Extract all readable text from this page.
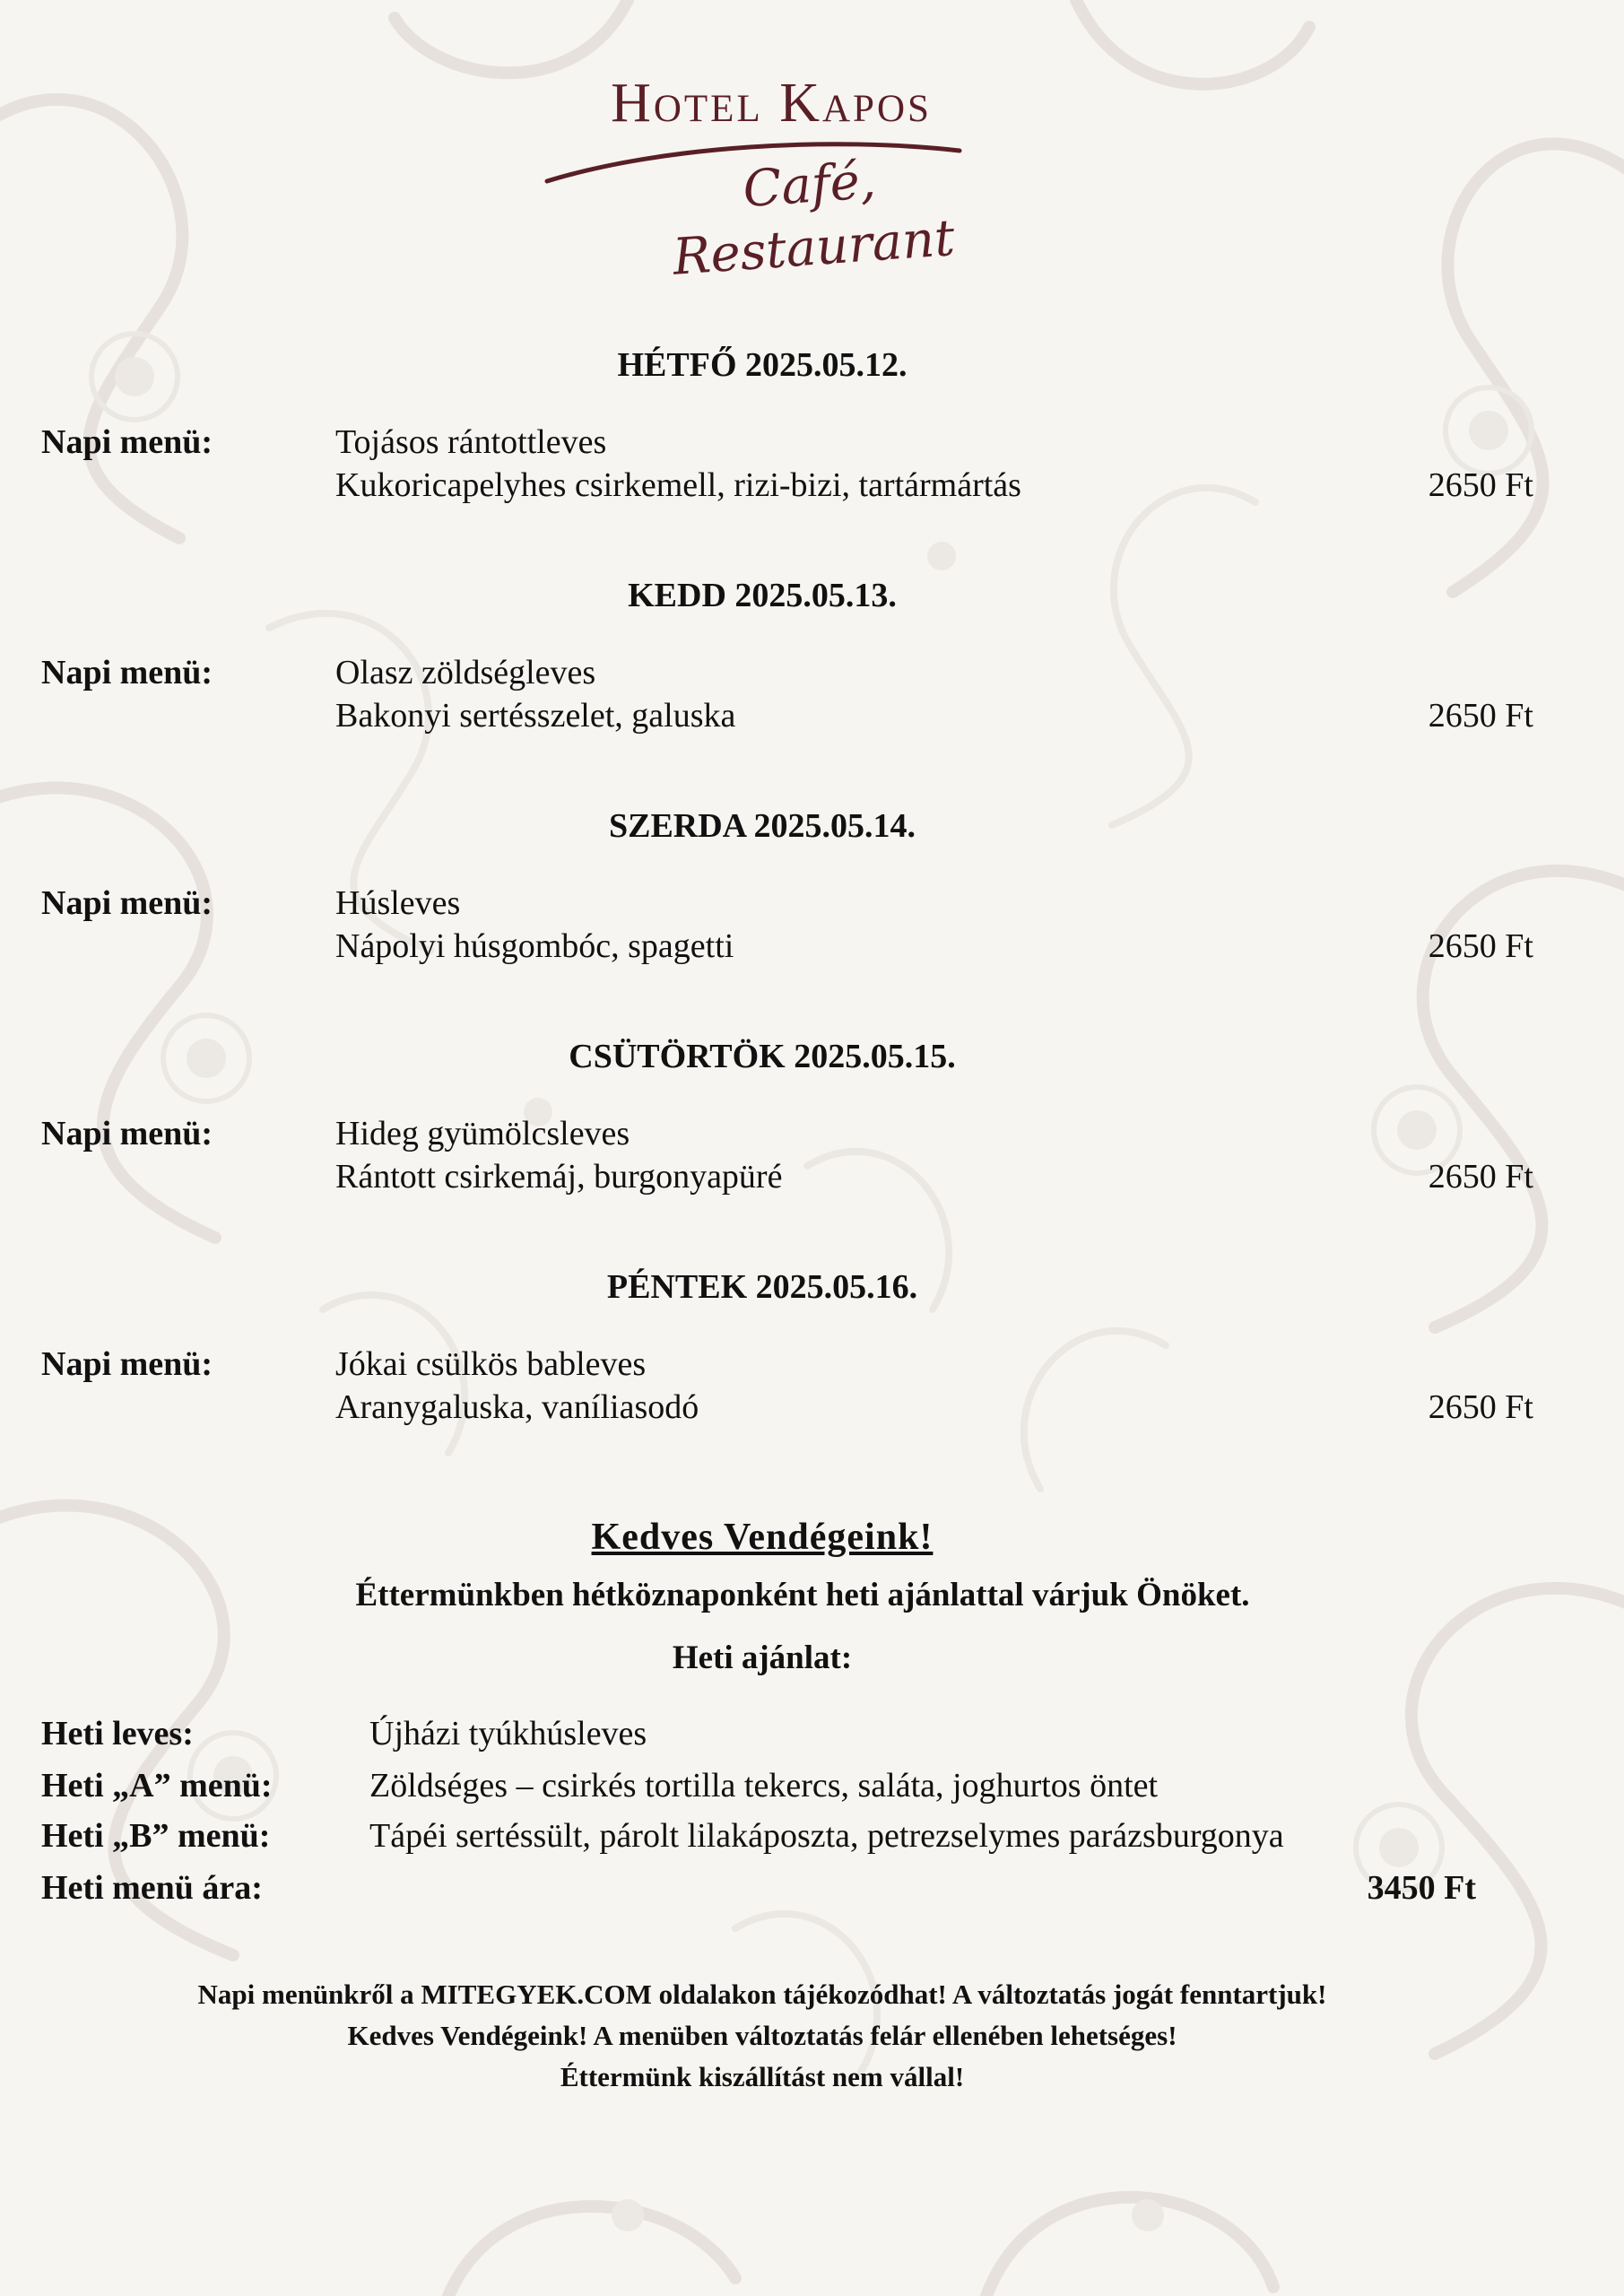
Hotel Kapos
Café, Restaurant
HÉTFŐ 2025.05.12.
Napi menü:	Tojásos rántottleves
Kukoricapelyhes csirkemell, rizi-bizi, tartármártás	2650 Ft
KEDD 2025.05.13.
Napi menü:	Olasz zöldségleves
Bakonyi sertésszelet, galuska	2650 Ft
SZERDA 2025.05.14.
Napi menü:	Húsleves
Nápolyi húsgombóc, spagetti	2650 Ft
CSÜTÖRTÖK 2025.05.15.
Napi menü:	Hideg gyümölcsleves
Rántott csirkemáj, burgonyapüré	2650 Ft
PÉNTEK 2025.05.16.
Napi menü:	Jókai csülkös bableves
Aranygaluska, vaníliasodó	2650 Ft
Kedves Vendégeink!
Éttermünkben hétköznaponként heti ajánlattal várjuk Önöket.
Heti ajánlat:
Heti leves:	Újházi tyúkhúsleves
Heti „A” menü:	Zöldséges – csirkés tortilla tekercs, saláta, joghurtos öntet
Heti „B” menü:	Tápéi sertéssült, párolt lilakáposzta, petrezselymes parázsburgonya
Heti menü ára:	3450 Ft
Napi menünkről a MITEGYEK.COM oldalakon tájékozódhat! A változtatás jogát fenntartjuk!
Kedves Vendégeink! A menüben változtatás felár ellenében lehetséges!
Éttermünk kiszállítást nem vállal!
